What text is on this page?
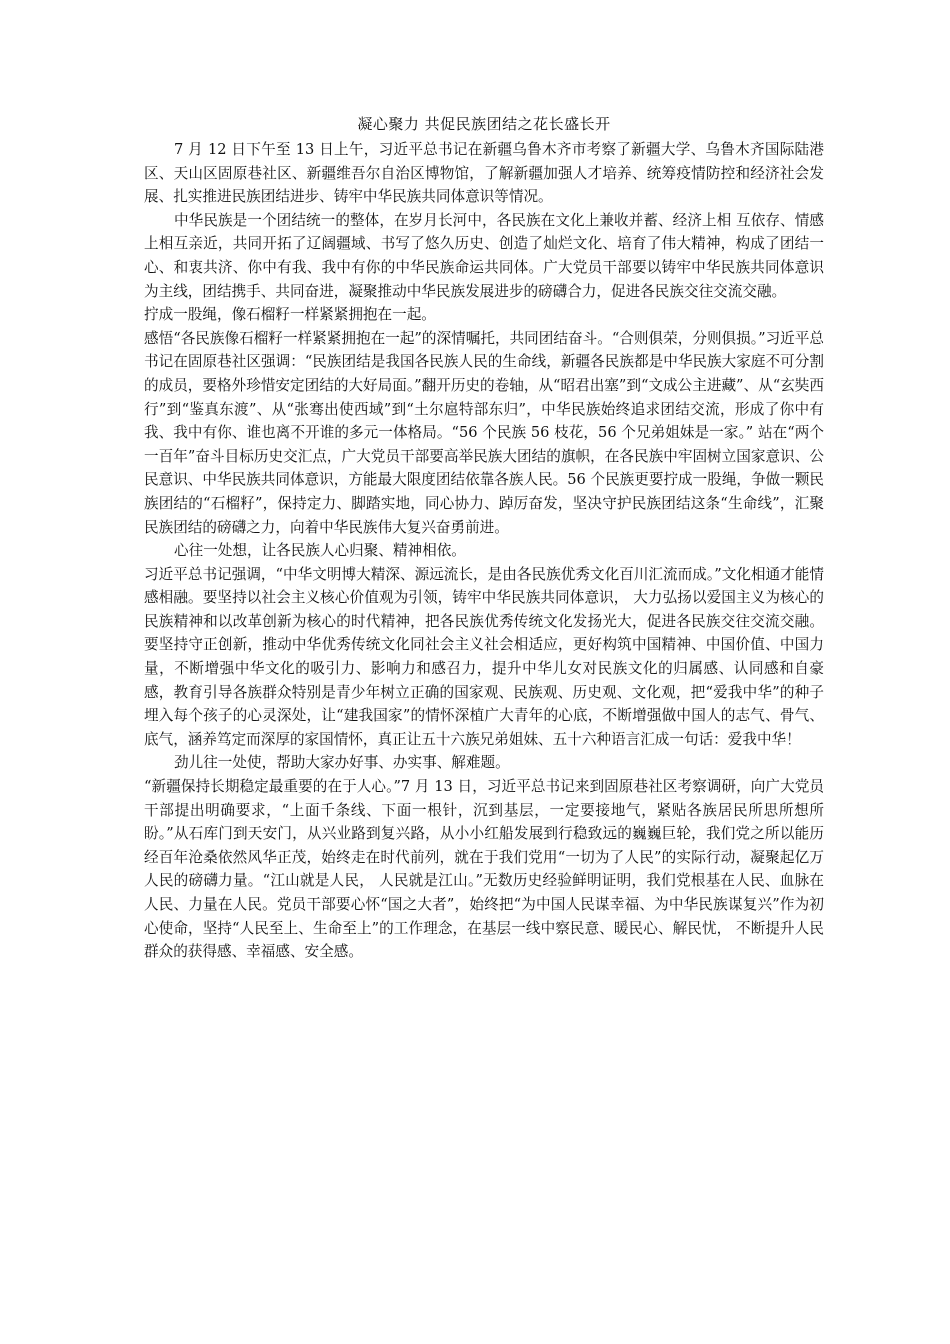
凝心聚力 共促民族团结之花长盛长开

7 月 12 日下午至 13 日上午，习近平总书记在新疆乌鲁木齐市考察了新疆大学、乌鲁木齐国际陆港区、天山区固原巷社区、新疆维吾尔自治区博物馆，了解新疆加强人才培养、统筹疫情防控和经济社会发展、扎实推进民族团结进步、铸牢中华民族共同体意识等情况。

中华民族是一个团结统一的整体，在岁月长河中，各民族在文化上兼收并蓄、经济上相 互依存、情感上相互亲近，共同开拓了辽阔疆域、书写了悠久历史、创造了灿烂文化、培育了伟大精神，构成了团结一心、和衷共济、你中有我、我中有你的中华民族命运共同体。广大党员干部要以铸牢中华民族共同体意识为主线，团结携手、共同奋进，凝聚推动中华民族发展进步的磅礴合力，促进各民族交往交流交融。

拧成一股绳，像石榴籽一样紧紧拥抱在一起。

感悟“各民族像石榴籽一样紧紧拥抱在一起”的深情嘱托，共同团结奋斗。“合则俱荣，分则俱损。”习近平总书记在固原巷社区强调：“民族团结是我国各民族人民的生命线，新疆各民族都是中华民族大家庭不可分割的成员，要格外珍惜安定团结的大好局面。”翻开历史的卷轴，从“昭君出塞”到“文成公主进藏”、从“玄奘西行”到“鉴真东渡”、从“张骞出使西域”到“土尔扈特部东归”，中华民族始终追求团结交流，形成了你中有我、我中有你、谁也离不开谁的多元一体格局。“56 个民族 56 枝花，56 个兄弟姐妹是一家。” 站在“两个一百年”奋斗目标历史交汇点，广大党员干部要高举民族大团结的旗帜，在各民族中牢固树立国家意识、公民意识、中华民族共同体意识，方能最大限度团结依靠各族人民。56 个民族更要拧成一股绳，争做一颗民族团结的“石榴籽”，保持定力、脚踏实地，同心协力、踔厉奋发，坚决守护民族团结这条“生命线”，汇聚民族团结的磅礴之力，向着中华民族伟大复兴奋勇前进。

心往一处想，让各民族人心归聚、精神相依。

习近平总书记强调，“中华文明博大精深、源远流长，是由各民族优秀文化百川汇流而成。”文化相通才能情感相融。要坚持以社会主义核心价值观为引领，铸牢中华民族共同体意识， 大力弘扬以爱国主义为核心的民族精神和以改革创新为核心的时代精神，把各民族优秀传统文化发扬光大，促进各民族交往交流交融。要坚持守正创新，推动中华优秀传统文化同社会主义社会相适应，更好构筑中国精神、中国价值、中国力量，不断增强中华文化的吸引力、影响力和感召力，提升中华儿女对民族文化的归属感、认同感和自豪感，教育引导各族群众特别是青少年树立正确的国家观、民族观、历史观、文化观，把“爱我中华”的种子埋入每个孩子的心灵深处，让“建我国家”的情怀深植广大青年的心底，不断增强做中国人的志气、骨气、底气，涵养笃定而深厚的家国情怀，真正让五十六族兄弟姐妹、五十六种语言汇成一句话：爱我中华！

劲儿往一处使，帮助大家办好事、办实事、解难题。

“新疆保持长期稳定最重要的在于人心。”7 月 13 日，习近平总书记来到固原巷社区考察调研，向广大党员干部提出明确要求，“上面千条线、下面一根针，沉到基层，一定要接地气，紧贴各族居民所思所想所盼。”从石库门到天安门，从兴业路到复兴路，从小小红船发展到行稳致远的巍巍巨轮，我们党之所以能历经百年沧桑依然风华正茂，始终走在时代前列，就在于我们党用“一切为了人民”的实际行动，凝聚起亿万人民的磅礴力量。“江山就是人民， 人民就是江山。”无数历史经验鲜明证明，我们党根基在人民、血脉在人民、力量在人民。党员干部要心怀“国之大者”，始终把“为中国人民谋幸福、为中华民族谋复兴”作为初心使命，坚持“人民至上、生命至上”的工作理念，在基层一线中察民意、暖民心、解民忧， 不断提升人民群众的获得感、幸福感、安全感。
